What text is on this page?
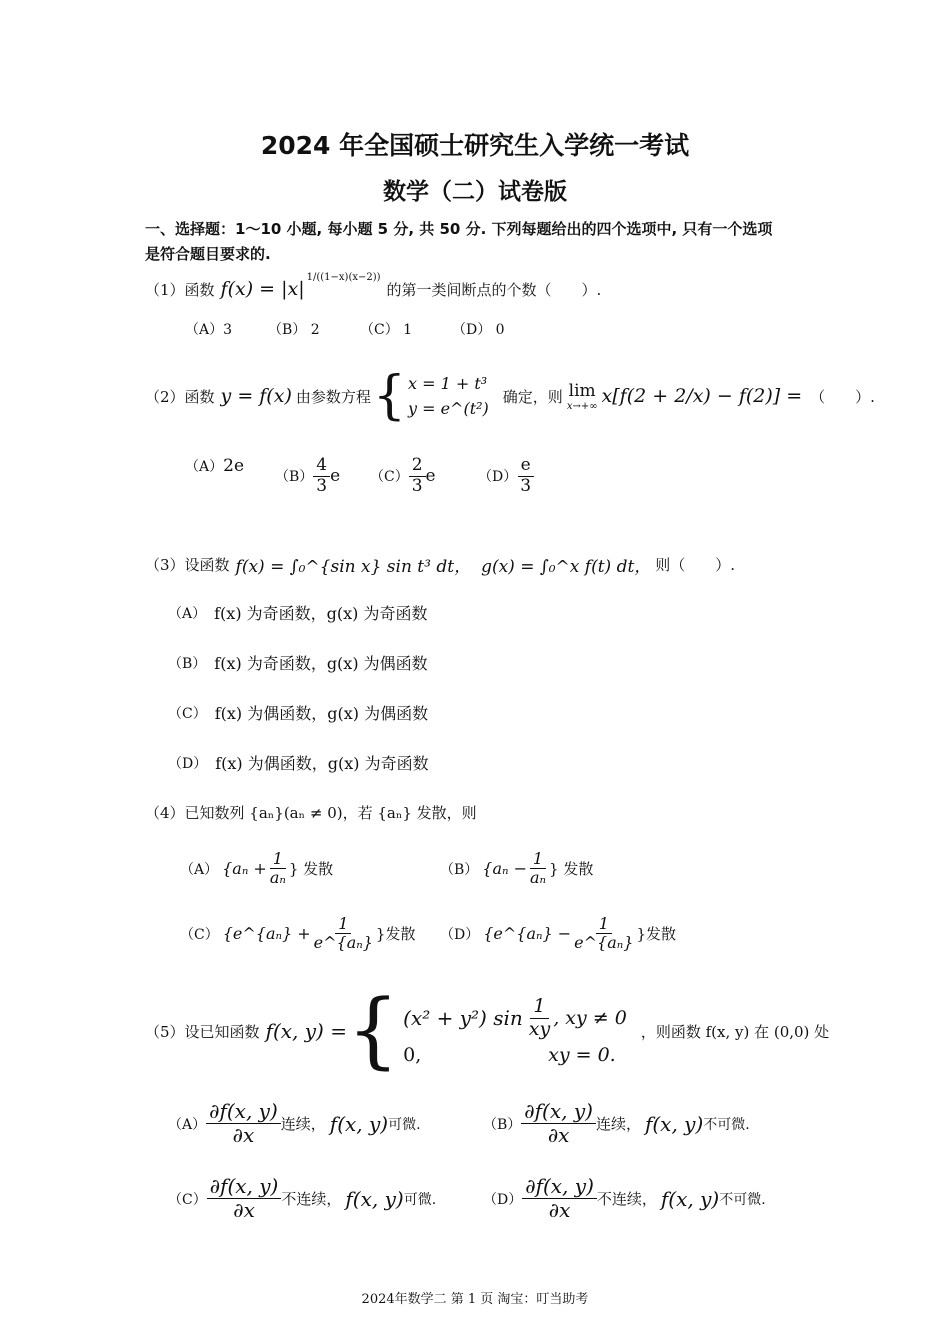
2024 年全国硕士研究生入学统一考试
数学（二）试卷版
一、选择题：1～10 小题, 每小题 5 分, 共 50 分. 下列每题给出的四个选项中, 只有一个选项
是符合题目要求的.
（1）函数 f(x) = |x|
1/((1−x)(x−2))
的第一类间断点的个数（　　）.
（A）3	（B） 2	（C） 1	（D） 0
（2）函数 y = f(x) 由参数方程 { x = 1 + t³
y = e^(t²)
确定，则 lim
x→+∞ x[f(2 + 2/x) − f(2)] = （　　）.
（A） 2e
$(B) \frac{4}{3}$ e $(C) \frac{2}{3}$ e	$(D) \frac{e}{3}$
（3）设函数 f(x) = ∫₀^{sin x} sin t³ dt， g(x) = ∫₀^x f(t) dt， 则（　　）.
（A） f(x) 为奇函数，g(x) 为奇函数
（B） f(x) 为奇函数，g(x) 为偶函数
（C） f(x) 为偶函数，g(x) 为偶函数
（D） f(x) 为偶函数，g(x) 为奇函数
（4）已知数列 {aₙ}(aₙ ≠ 0)，若 {aₙ} 发散，则
（A） {$a_n + \frac{1}{\text{aₙ}}$ } 发散	（B） {$a_n - \frac{1}{\text{aₙ}}$ } 发散
（C） {e^{aₙ} + $\frac{1}{\text{e\textasciicircum{}\{aₙ\}}}$ }发散 （D） {e^{aₙ} − $\frac{1}{\text{e\textasciicircum{}\{aₙ\}}}$ }发散
（5）设已知函数 f(x, y) = { (x² + y²) $\sin \frac{1}{xy}$ , xy ≠ 0
0,	xy = 0.
，则函数 f(x, y) 在 (0,0) 处
$(A) \frac{\partial f(x, y)}{\partial x}$ 连续， f(x, y) 可微.	$(B) \frac{\partial f(x, y)}{\partial x}$ 连续， f(x, y) 不可微.
$(C) \frac{\partial f(x, y)}{\partial x}$ 不连续， f(x, y) 可微.	$(D) \frac{\partial f(x, y)}{\partial x}$ 不连续， f(x, y) 不可微.
2024年数学二 第 1 页 淘宝：叮当助考
